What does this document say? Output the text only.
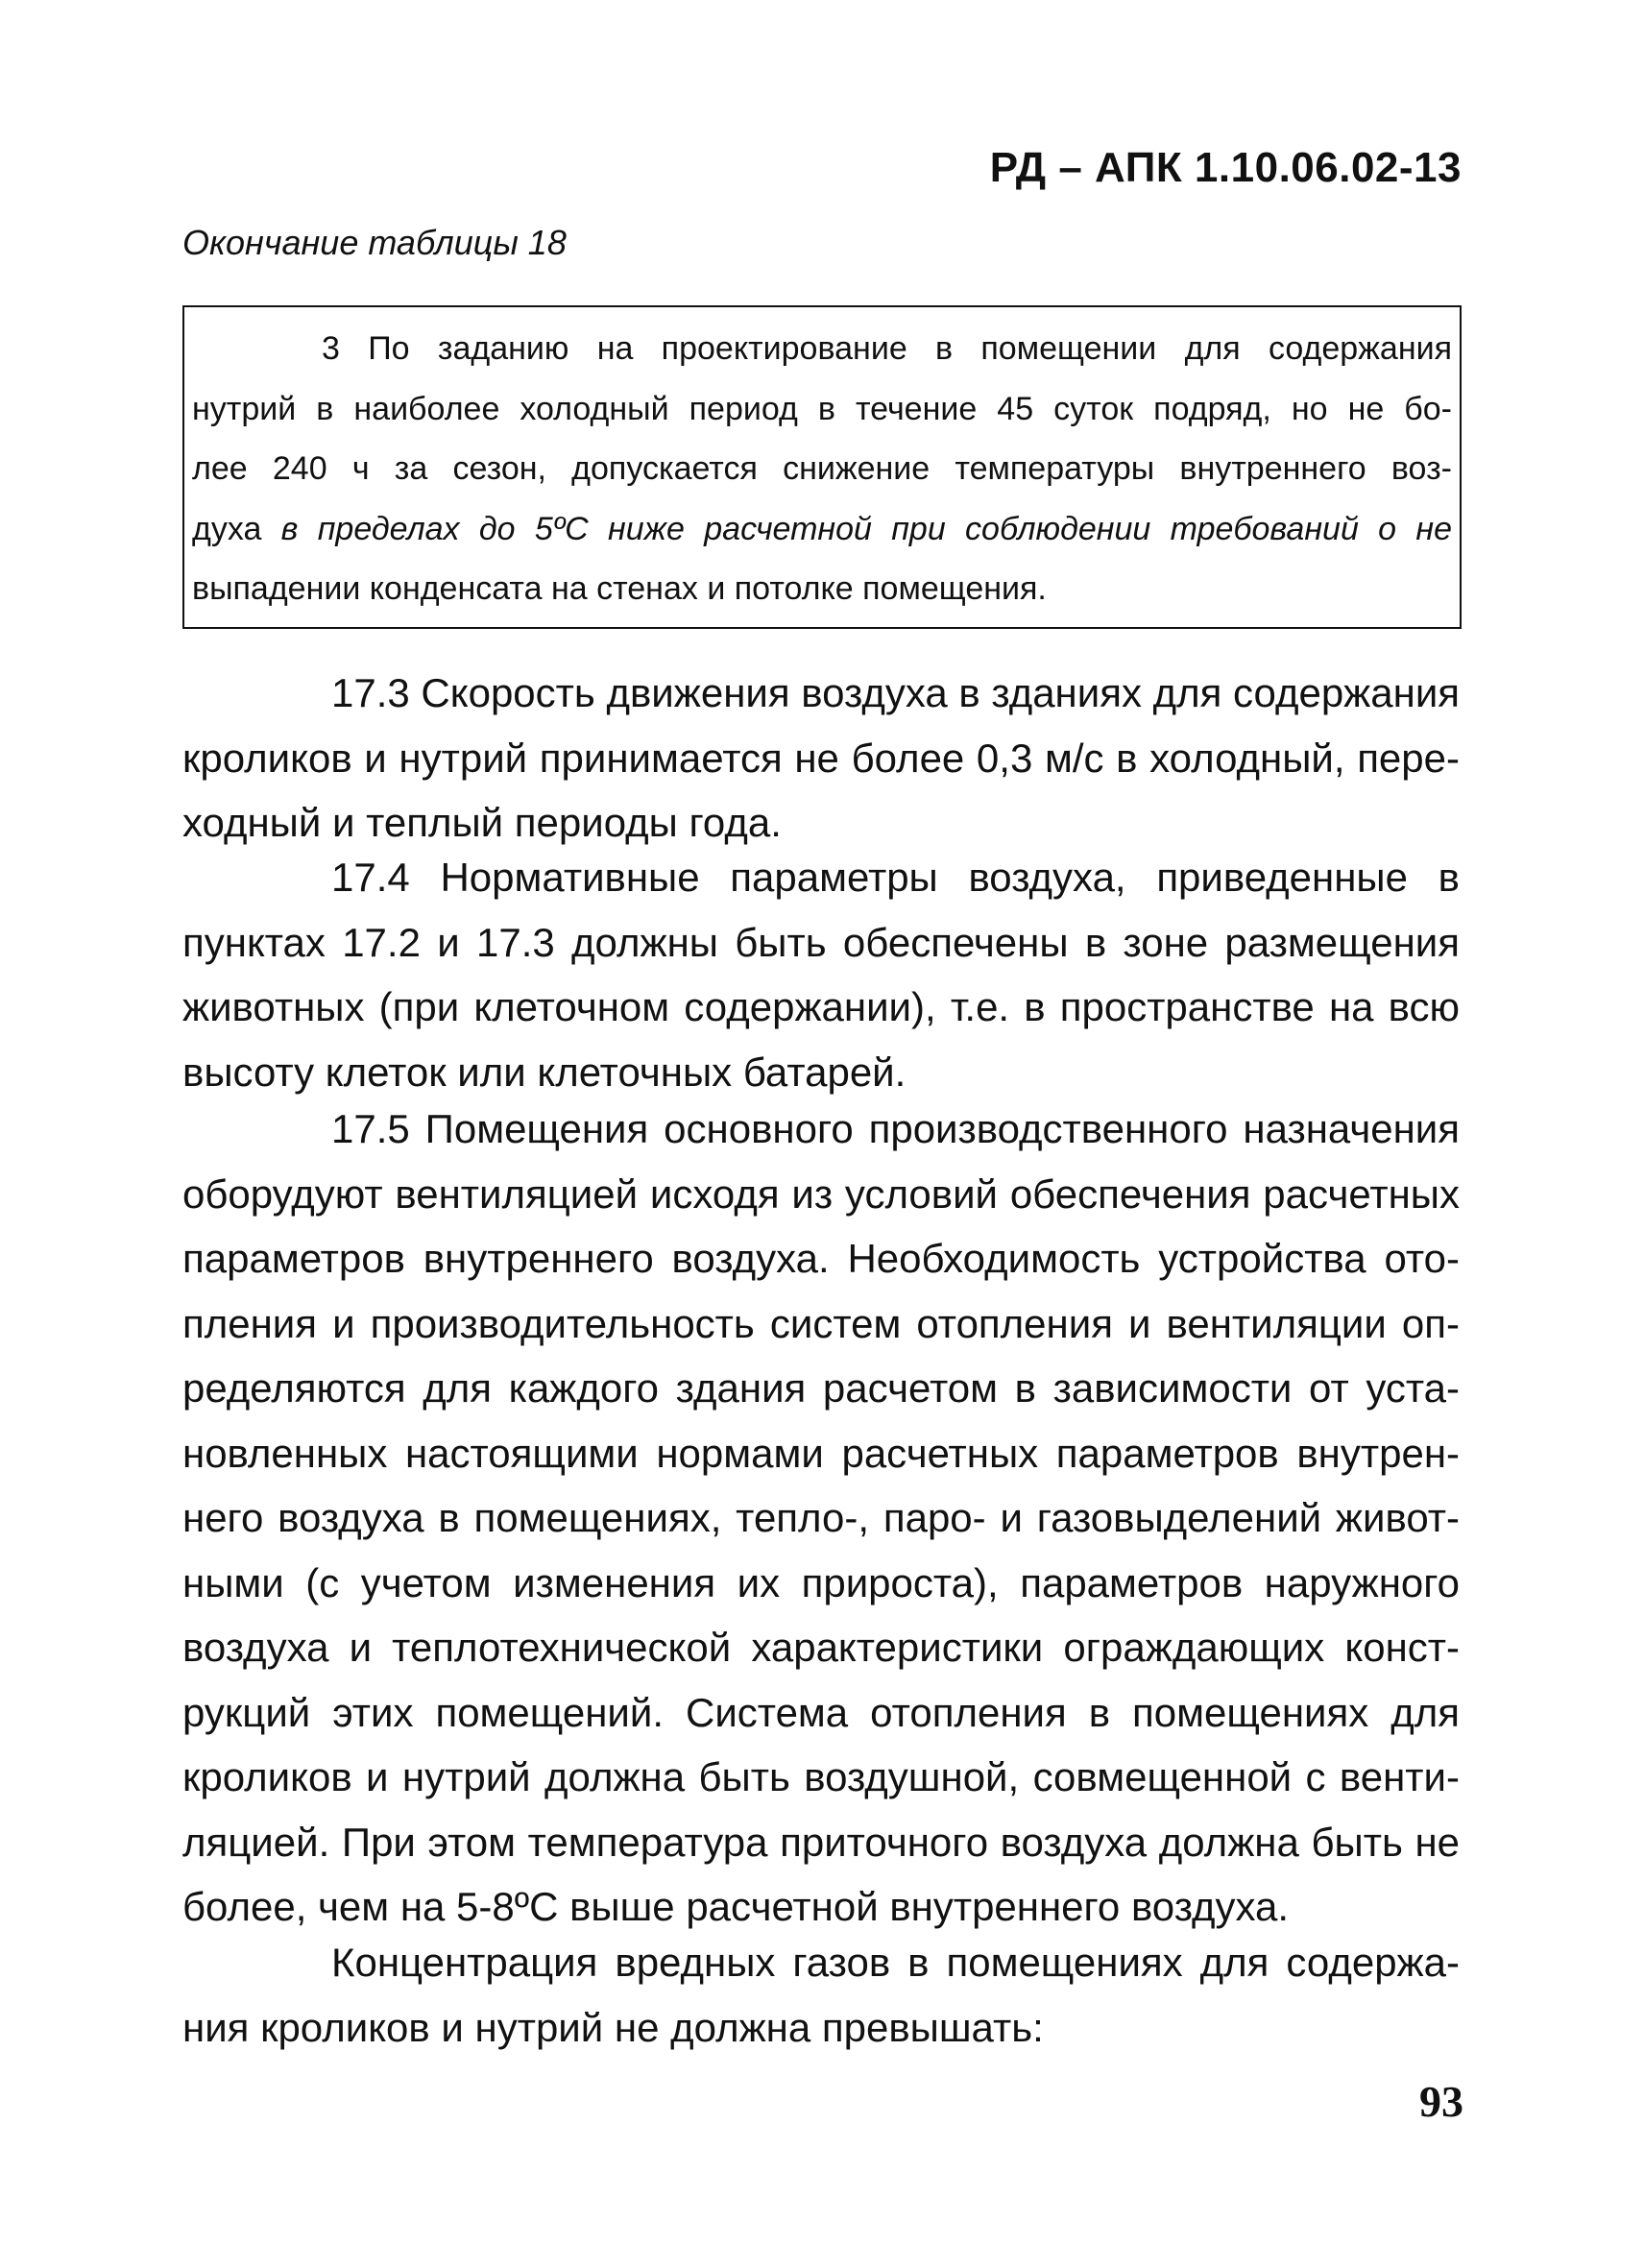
РД – АПК 1.10.06.02-13
Окончание таблицы 18
3 По заданию на проектирование в помещении для содержания
нутрий в наиболее холодный период в течение 45 суток подряд, но не бо-
лее 240 ч за сезон, допускается снижение температуры внутреннего воз-
духа в пределах до 5ºС ниже расчетной при соблюдении требований о не
выпадении конденсата на стенах и потолке помещения.
17.3 Скорость движения воздуха в зданиях для содержания
кроликов и нутрий принимается не более 0,3 м/с в холодный, пере-
ходный и теплый периоды года.
17.4 Нормативные параметры воздуха, приведенные в
пунктах 17.2 и 17.3 должны быть обеспечены в зоне размещения
животных (при клеточном содержании), т.е. в пространстве на всю
высоту клеток или клеточных батарей.
17.5 Помещения основного производственного назначения
оборудуют вентиляцией исходя из условий обеспечения расчетных
параметров внутреннего воздуха. Необходимость устройства ото-
пления и производительность систем отопления и вентиляции оп-
ределяются для каждого здания расчетом в зависимости от уста-
новленных настоящими нормами расчетных параметров внутрен-
него воздуха в помещениях, тепло-, паро- и газовыделений живот-
ными (с учетом изменения их прироста), параметров наружного
воздуха и теплотехнической характеристики ограждающих конст-
рукций этих помещений. Система отопления в помещениях для
кроликов и нутрий должна быть воздушной, совмещенной с венти-
ляцией. При этом температура приточного воздуха должна быть не
более, чем на 5-8ºС выше расчетной внутреннего воздуха.
Концентрация вредных газов в помещениях для содержа-
ния кроликов и нутрий не должна превышать:
93
